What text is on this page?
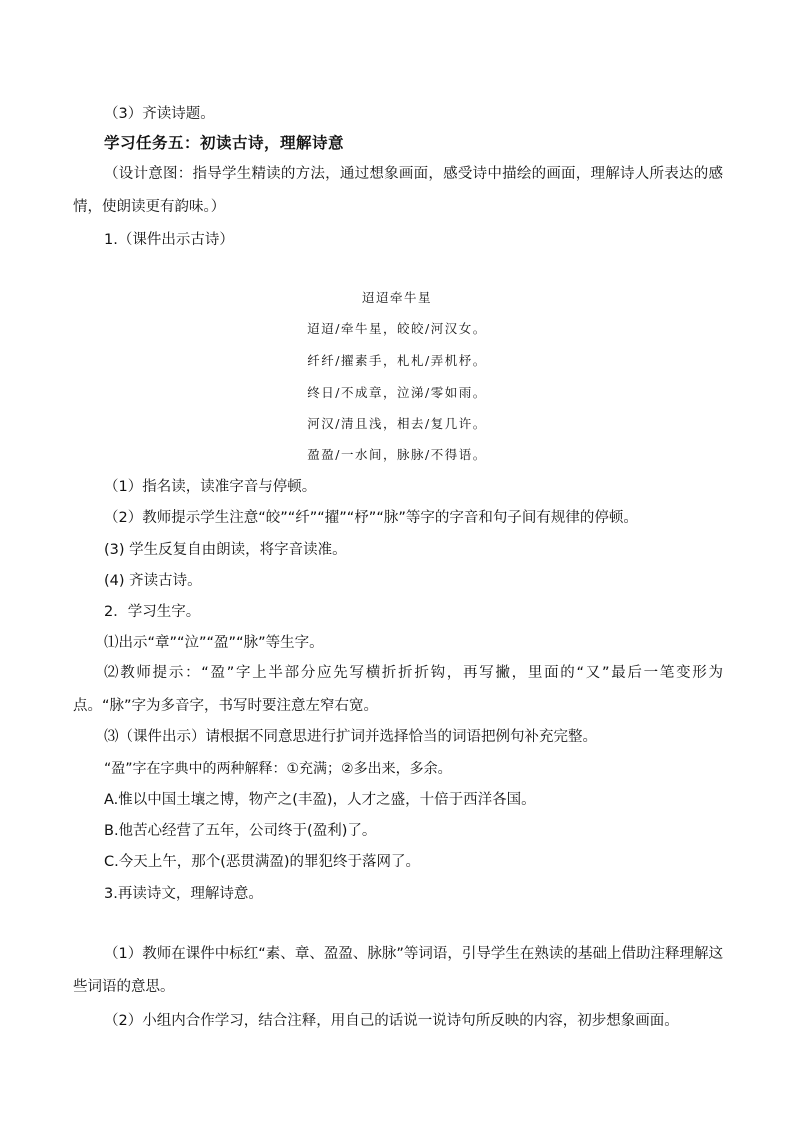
（3）齐读诗题。
学习任务五：初读古诗，理解诗意
（设计意图：指导学生精读的方法，通过想象画面，感受诗中描绘的画面，理解诗人所表达的感情，使朗读更有韵味。）
1.（课件出示古诗）
迢迢牵牛星
迢迢/牵牛星，皎皎/河汉女。
纤纤/擢素手，札札/弄机杼。
终日/不成章，泣涕/零如雨。
河汉/清且浅，相去/复几许。
盈盈/一水间，脉脉/不得语。
（1）指名读，读准字音与停顿。
（2）教师提示学生注意“皎”“纤”“擢”“杼”“脉”等字的字音和句子间有规律的停顿。
(3) 学生反复自由朗读，将字音读准。
(4) 齐读古诗。
2．学习生字。
⑴出示“章”“泣”“盈”“脉”等生字。
⑵教师提示：“盈”字上半部分应先写横折折折钩，再写撇，里面的“又”最后一笔变形为点。“脉”字为多音字，书写时要注意左窄右宽。
⑶（课件出示）请根据不同意思进行扩词并选择恰当的词语把例句补充完整。
“盈”字在字典中的两种解释：①充满；②多出来，多余。
A.惟以中国土壤之博，物产之(丰盈)，人才之盛，十倍于西洋各国。
B.他苦心经营了五年，公司终于(盈利)了。
C.今天上午，那个(恶贯满盈)的罪犯终于落网了。
3.再读诗文，理解诗意。
（1）教师在课件中标红“素、章、盈盈、脉脉”等词语，引导学生在熟读的基础上借助注释理解这些词语的意思。
（2）小组内合作学习，结合注释，用自己的话说一说诗句所反映的内容，初步想象画面。
